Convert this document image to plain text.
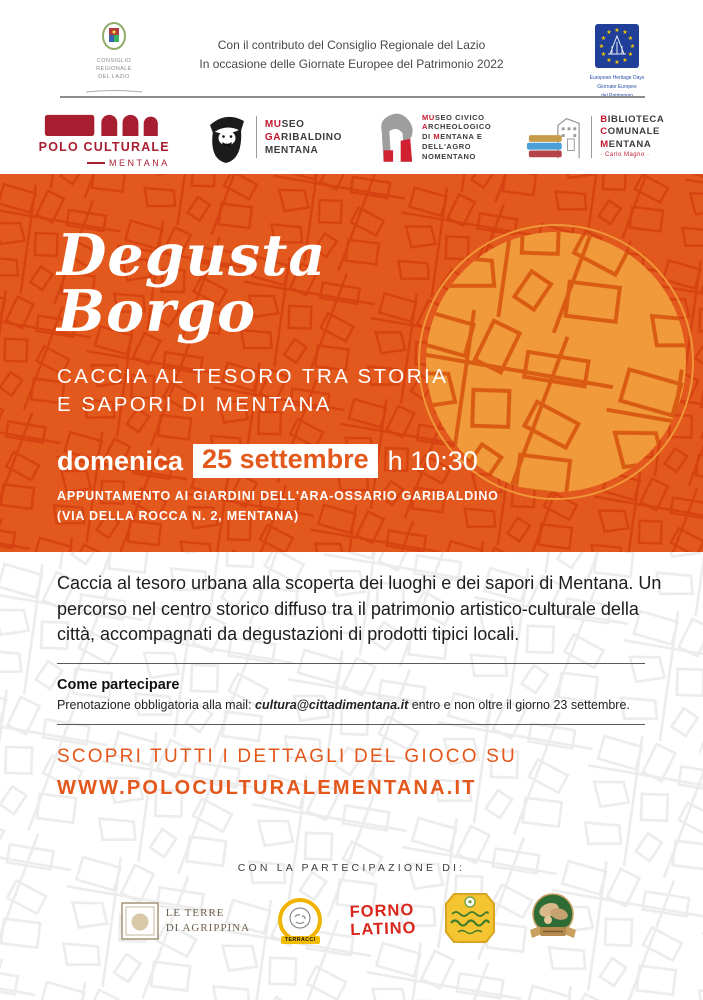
CONSIGLIO
REGIONALE
DEL LAZIO
Con il contributo del Consiglio Regionale del Lazio
In occasione delle Giornate Europee del Patrimonio 2022
★ ★
★
★
★
★
★
★
★
★
★
★
European Heritage Days
Giornate Europee
del Patrimonio
POLO CULTURALE
MENTANA
MUSEO
GARIBALDINO
MENTANA
MUSEO CIVICO
ARCHEOLOGICO
DI MENTANA E
DELL'AGRO
NOMENTANO
BIBLIOTECA
COMUNALE
MENTANA
· Carlo Magno ·
Degusta
Borgo
CACCIA AL TESORO TRA STORIA
E SAPORI DI MENTANA
domenica 25 settembre h 10:30
APPUNTAMENTO AI GIARDINI DELL'ARA-OSSARIO GARIBALDINO
(VIA DELLA ROCCA N. 2, MENTANA)
Caccia al tesoro urbana alla scoperta dei luoghi e dei sapori di Mentana. Un percorso nel centro storico diffuso tra il patrimonio artistico-culturale della città, accompagnati da degustazioni di prodotti tipici locali.
Come partecipare
Prenotazione obbligatoria alla mail: cultura@cittadimentana.it entro e non oltre il giorno 23 settembre.
SCOPRI TUTTI I DETTAGLI DEL GIOCO SU
WWW.POLOCULTURALEMENTANA.IT
CON LA PARTECIPAZIONE DI:
LE TERRE
DI AGRIPPINA
TERRACCI
FORNO
LATINO
